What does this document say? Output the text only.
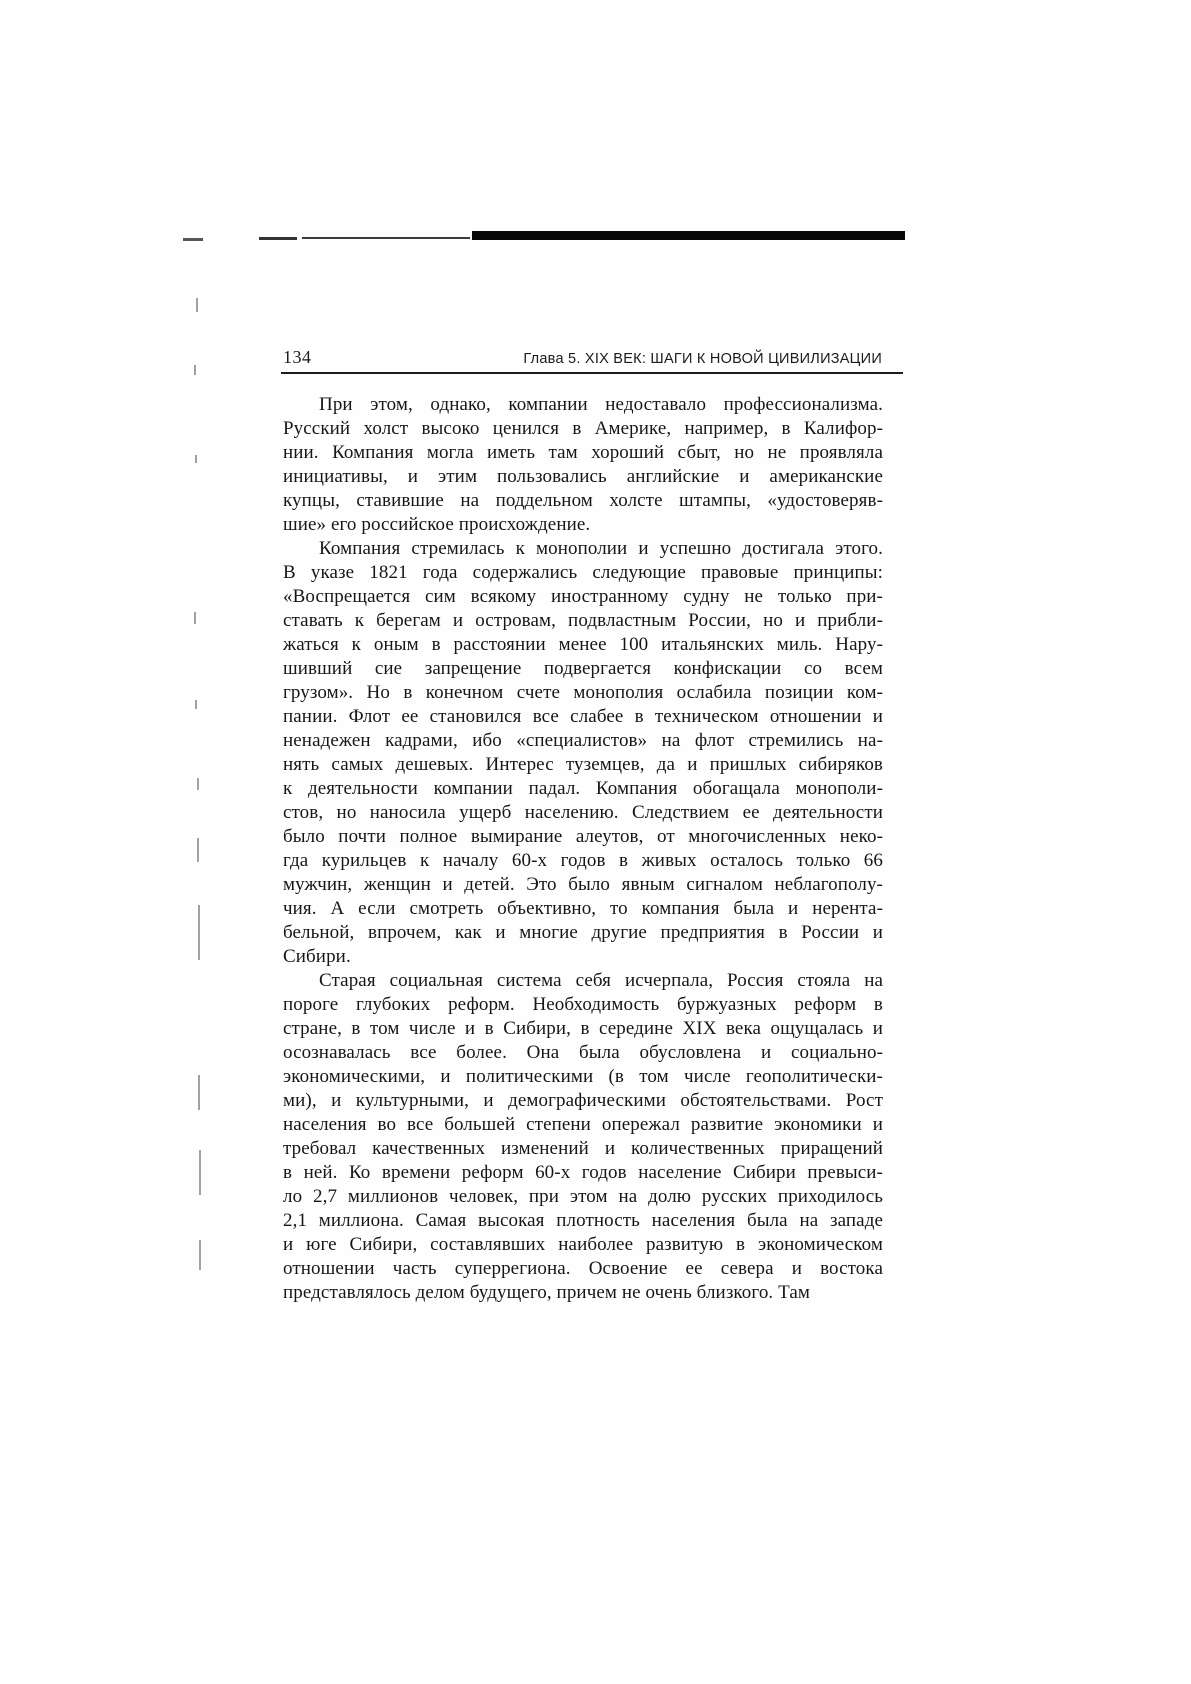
134	Глава 5. XIX ВЕК: ШАГИ К НОВОЙ ЦИВИЛИЗАЦИИ

При этом, однако, компании недоставало профессионализма.
Русский холст высоко ценился в Америке, например, в Калифор-
нии. Компания могла иметь там хороший сбыт, но не проявляла
инициативы, и этим пользовались английские и американские
купцы, ставившие на поддельном холсте штампы, «удостоверяв-
шие» его российское происхождение.

Компания стремилась к монополии и успешно достигала этого.
В указе 1821 года содержались следующие правовые принципы:
«Воспрещается сим всякому иностранному судну не только при-
ставать к берегам и островам, подвластным России, но и прибли-
жаться к оным в расстоянии менее 100 итальянских миль. Нару-
шивший сие запрещение подвергается конфискации со всем
грузом». Но в конечном счете монополия ослабила позиции ком-
пании. Флот ее становился все слабее в техническом отношении и
ненадежен кадрами, ибо «специалистов» на флот стремились на-
нять самых дешевых. Интерес туземцев, да и пришлых сибиряков
к деятельности компании падал. Компания обогащала монополи-
стов, но наносила ущерб населению. Следствием ее деятельности
было почти полное вымирание алеутов, от многочисленных неко-
гда курильцев к началу 60-х годов в живых осталось только 66
мужчин, женщин и детей. Это было явным сигналом неблагополу-
чия. А если смотреть объективно, то компания была и нерента-
бельной, впрочем, как и многие другие предприятия в России и
Сибири.

Старая социальная система себя исчерпала, Россия стояла на
пороге глубоких реформ. Необходимость буржуазных реформ в
стране, в том числе и в Сибири, в середине XIX века ощущалась и
осознавалась все более. Она была обусловлена и социально-
экономическими, и политическими (в том числе геополитически-
ми), и культурными, и демографическими обстоятельствами. Рост
населения во все большей степени опережал развитие экономики и
требовал качественных изменений и количественных приращений
в ней. Ко времени реформ 60-х годов население Сибири превыси-
ло 2,7 миллионов человек, при этом на долю русских приходилось
2,1 миллиона. Самая высокая плотность населения была на западе
и юге Сибири, составлявших наиболее развитую в экономическом
отношении часть суперрегиона. Освоение ее севера и востока
представлялось делом будущего, причем не очень близкого. Там
